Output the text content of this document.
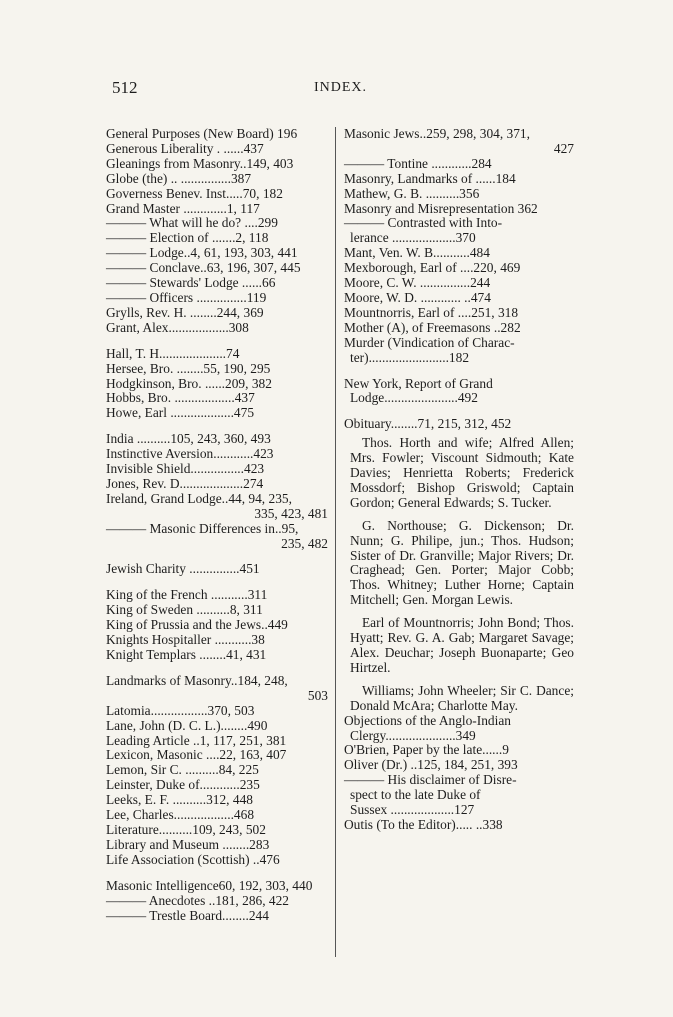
512	INDEX.
General Purposes (New Board) 196
Generous Liberality . ......437
Gleanings from Masonry..149, 403
Globe (the) .. ...............387
Governess Benev. Inst.....70, 182
Grand Master .............1, 117
——— What will he do? ....299
——— Election of .......2, 118
——— Lodge..4, 61, 193, 303, 441
——— Conclave..63, 196, 307, 445
——— Stewards' Lodge ......66
——— Officers ...............119
Grylls, Rev. H. ........244, 369
Grant, Alex..................308
Hall, T. H....................74
Hersee, Bro. ........55, 190, 295
Hodgkinson, Bro. ......209, 382
Hobbs, Bro. ..................437
Howe, Earl ...................475
India ..........105, 243, 360, 493
Instinctive Aversion............423
Invisible Shield................423
Jones, Rev. D...................274
Ireland, Grand Lodge..44, 94, 235,
335, 423, 481
——— Masonic Differences in..95,
235, 482
Jewish Charity ...............451
King of the French ...........311
King of Sweden ..........8, 311
King of Prussia and the Jews..449
Knights Hospitaller ...........38
Knight Templars ........41, 431
Landmarks of Masonry..184, 248,
503
Latomia.................370, 503
Lane, John (D. C. L.)........490
Leading Article ..1, 117, 251, 381
Lexicon, Masonic ....22, 163, 407
Lemon, Sir C. ..........84, 225
Leinster, Duke of............235
Leeks, E. F. ..........312, 448
Lee, Charles..................468
Literature..........109, 243, 502
Library and Museum ........283
Life Association (Scottish) ..476
Masonic Intelligence60, 192, 303, 440
——— Anecdotes ..181, 286, 422
——— Trestle Board........244
Masonic Jews..259, 298, 304, 371,
427
——— Tontine ............284
Masonry, Landmarks of ......184
Mathew, G. B. ..........356
Masonry and Misrepresentation 362
——— Contrasted with Into-
lerance ...................370
Mant, Ven. W. B...........484
Mexborough, Earl of ....220, 469
Moore, C. W. ...............244
Moore, W. D. ............ ..474
Mountnorris, Earl of ....251, 318
Mother (A), of Freemasons ..282
Murder (Vindication of Charac-
ter)........................182
New York, Report of Grand
Lodge......................492
Obituary........71, 215, 312, 452
Thos. Horth and wife; Alfred Allen; Mrs. Fowler; Viscount Sidmouth; Kate Davies; Henrietta Roberts; Frederick Mossdorf; Bishop Griswold; Captain Gordon; General Edwards; S. Tucker.
G. Northouse; G. Dickenson; Dr. Nunn; G. Philipe, jun.; Thos. Hudson; Sister of Dr. Granville; Major Rivers; Dr. Craghead; Gen. Porter; Major Cobb; Thos. Whitney; Luther Horne; Captain Mitchell; Gen. Morgan Lewis.
Earl of Mountnorris; John Bond; Thos. Hyatt; Rev. G. A. Gab; Margaret Savage; Alex. Deuchar; Joseph Buonaparte; Geo Hirtzel.
Williams; John Wheeler; Sir C. Dance; Donald McAra; Charlotte May.
Objections of the Anglo-Indian
Clergy.....................349
O'Brien, Paper by the late......9
Oliver (Dr.) ..125, 184, 251, 393
——— His disclaimer of Disre-
spect to the late Duke of
Sussex ...................127
Outis (To the Editor)..... ..338
